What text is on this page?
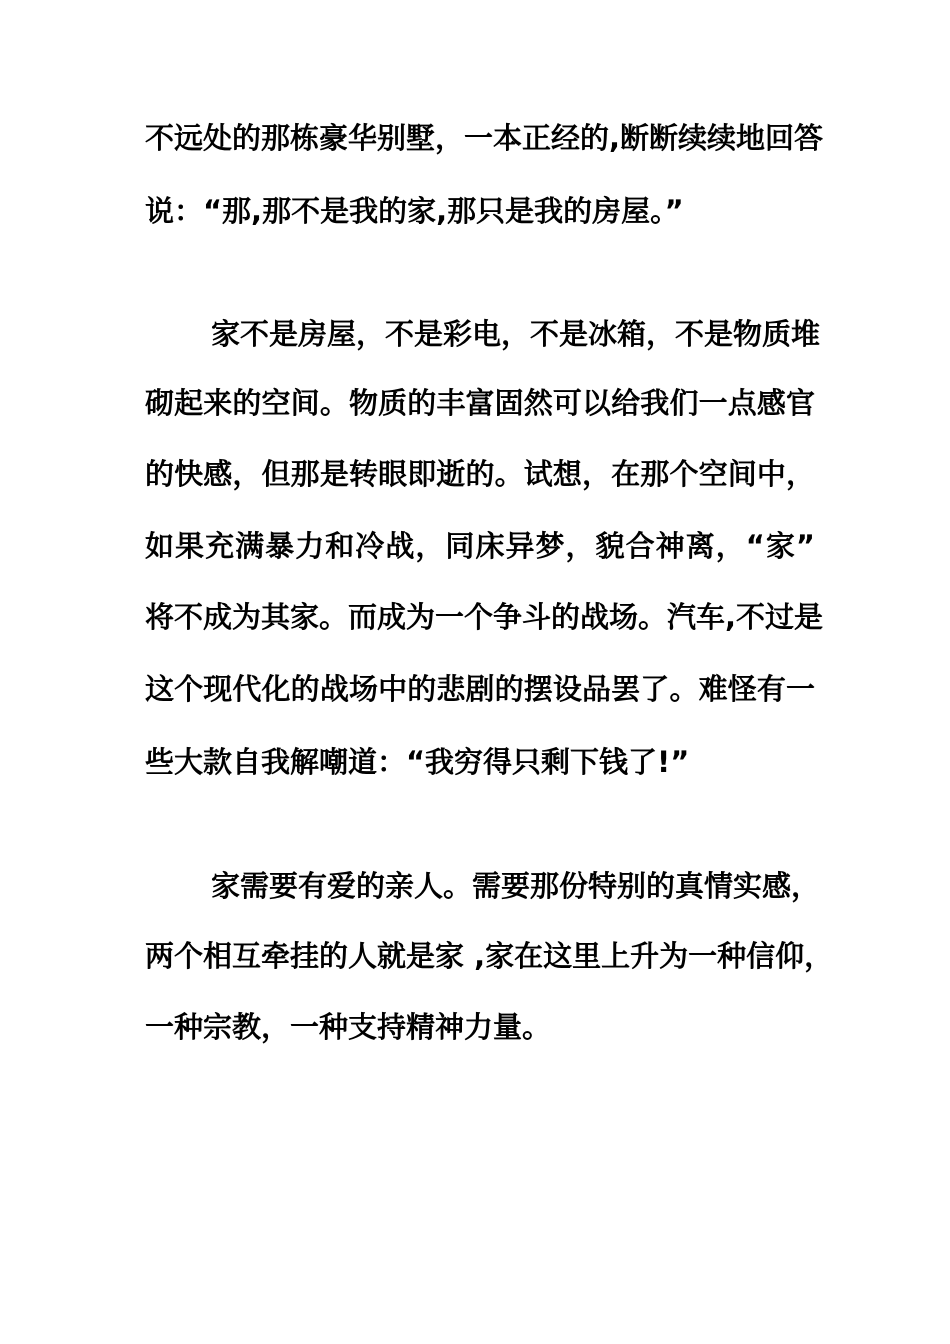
不远处的那栋豪华别墅，一本正经的,断断续续地回答
说：“那,那不是我的家,那只是我的房屋。”
家不是房屋，不是彩电，不是冰箱，不是物质堆
砌起来的空间。物质的丰富固然可以给我们一点感官
的快感，但那是转眼即逝的。试想，在那个空间中，
如果充满暴力和冷战，同床异梦，貌合神离，“家”
将不成为其家。而成为一个争斗的战场。汽车,不过是
这个现代化的战场中的悲剧的摆设品罢了。难怪有一
些大款自我解嘲道：“我穷得只剩下钱了!”
家需要有爱的亲人。需要那份特别的真情实感，
两个相互牵挂的人就是家 ,家在这里上升为一种信仰，
一种宗教，一种支持精神力量。
